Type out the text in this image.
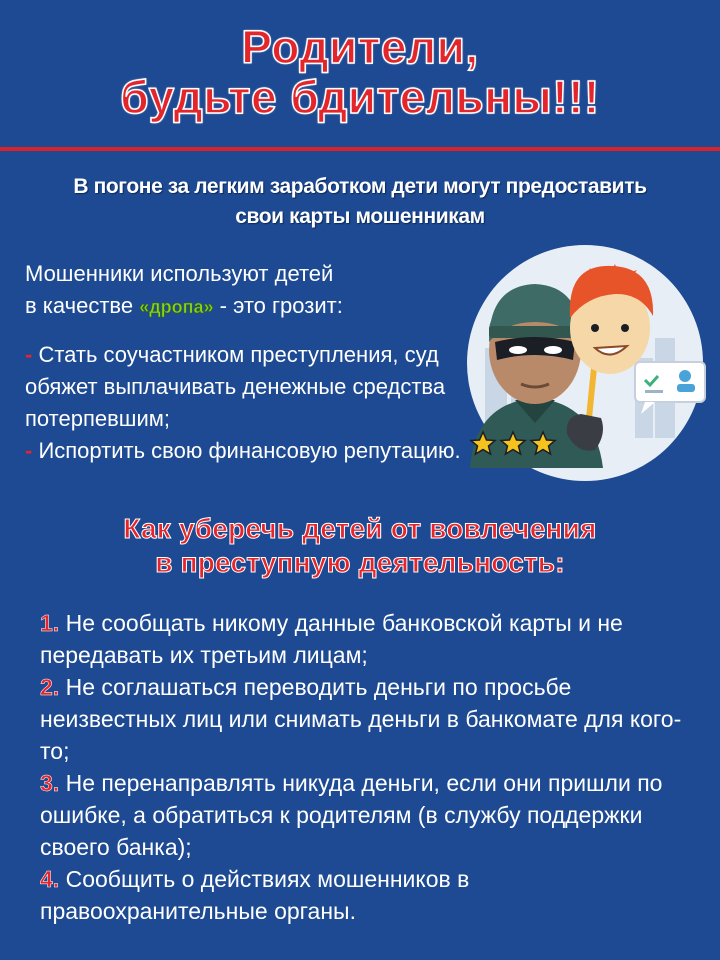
Родители,
будьте бдительны!!!
В погоне за легким заработком дети могут предоставить
свои карты мошенникам
Мошенники используют детей
в качестве «дропа» - это грозит:

- Стать соучастником преступления, суд обяжет выплачивать денежные средства потерпевшим;

- Испортить свою финансовую репутацию.

Как уберечь детей от вовлечения
в преступную деятельность:

1. Не сообщать никому данные банковской карты и не передавать их третьим лицам;

2. Не соглашаться переводить деньги по просьбе неизвестных лиц или снимать деньги в банкомате для кого-то;

3. Не перенаправлять никуда деньги, если они пришли по ошибке, а обратиться к родителям (в службу поддержки своего банка);

4. Сообщить о действиях мошенников в правоохранительные органы.
